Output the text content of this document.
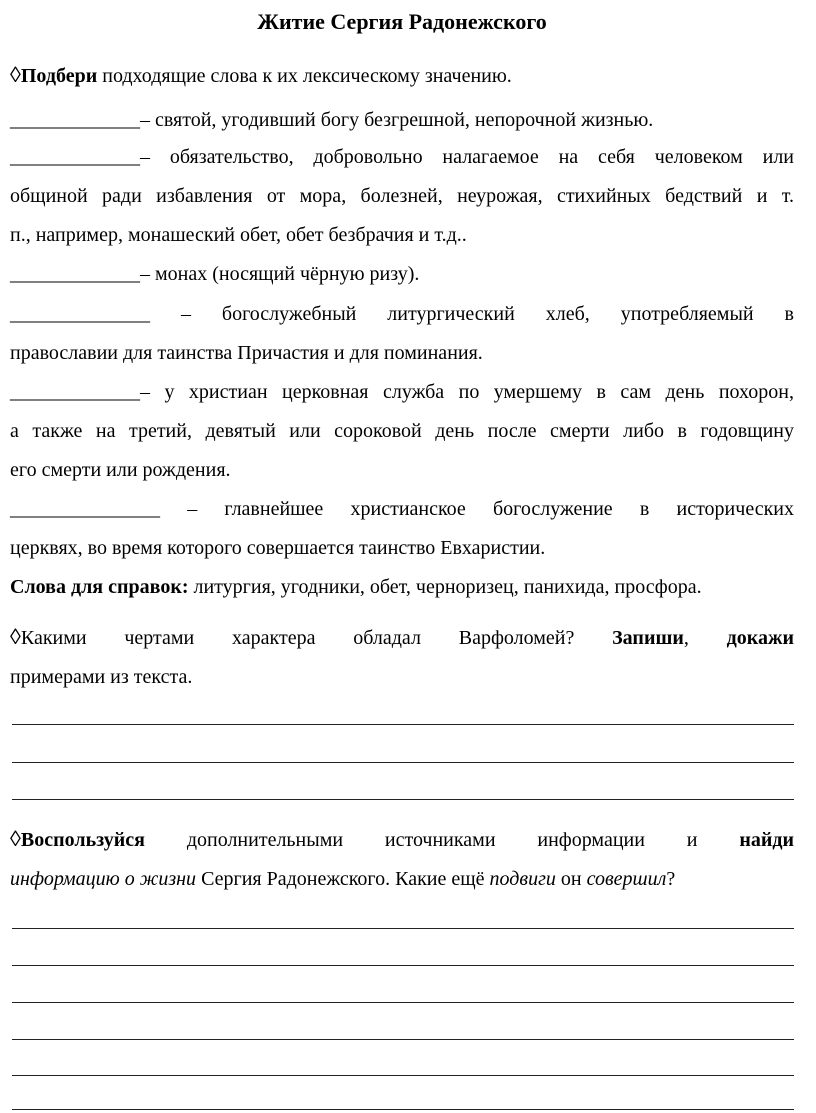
Житие Сергия Радонежского
◊Подбери подходящие слова к их лексическому значению.
_____________– святой, угодивший богу безгрешной, непорочной жизнью.
_____________– обязательство, добровольно налагаемое на себя человеком или
общиной ради избавления от мора, болезней, неурожая, стихийных бедствий и т.
п., например, монашеский обет, обет безбрачия и т.д..
_____________– монах (носящий чёрную ризу).
______________ – богослужебный литургический хлеб, употребляемый в
православии для таинства Причастия и для поминания.
_____________– у христиан церковная служба по умершему в сам день похорон,
а также на третий, девятый или сороковой день после смерти либо в годовщину
его смерти или рождения.
_______________ – главнейшее христианское богослужение в исторических
церквях, во время которого совершается таинство Евхаристии.
Слова для справок: литургия, угодники, обет, черноризец, панихида, просфора.
◊Какими чертами характера обладал Варфоломей? Запиши, докажи
примерами из текста.
◊Воспользуйся дополнительными источниками информации и найди
информацию о жизни Сергия Радонежского. Какие ещё подвиги он совершил?
